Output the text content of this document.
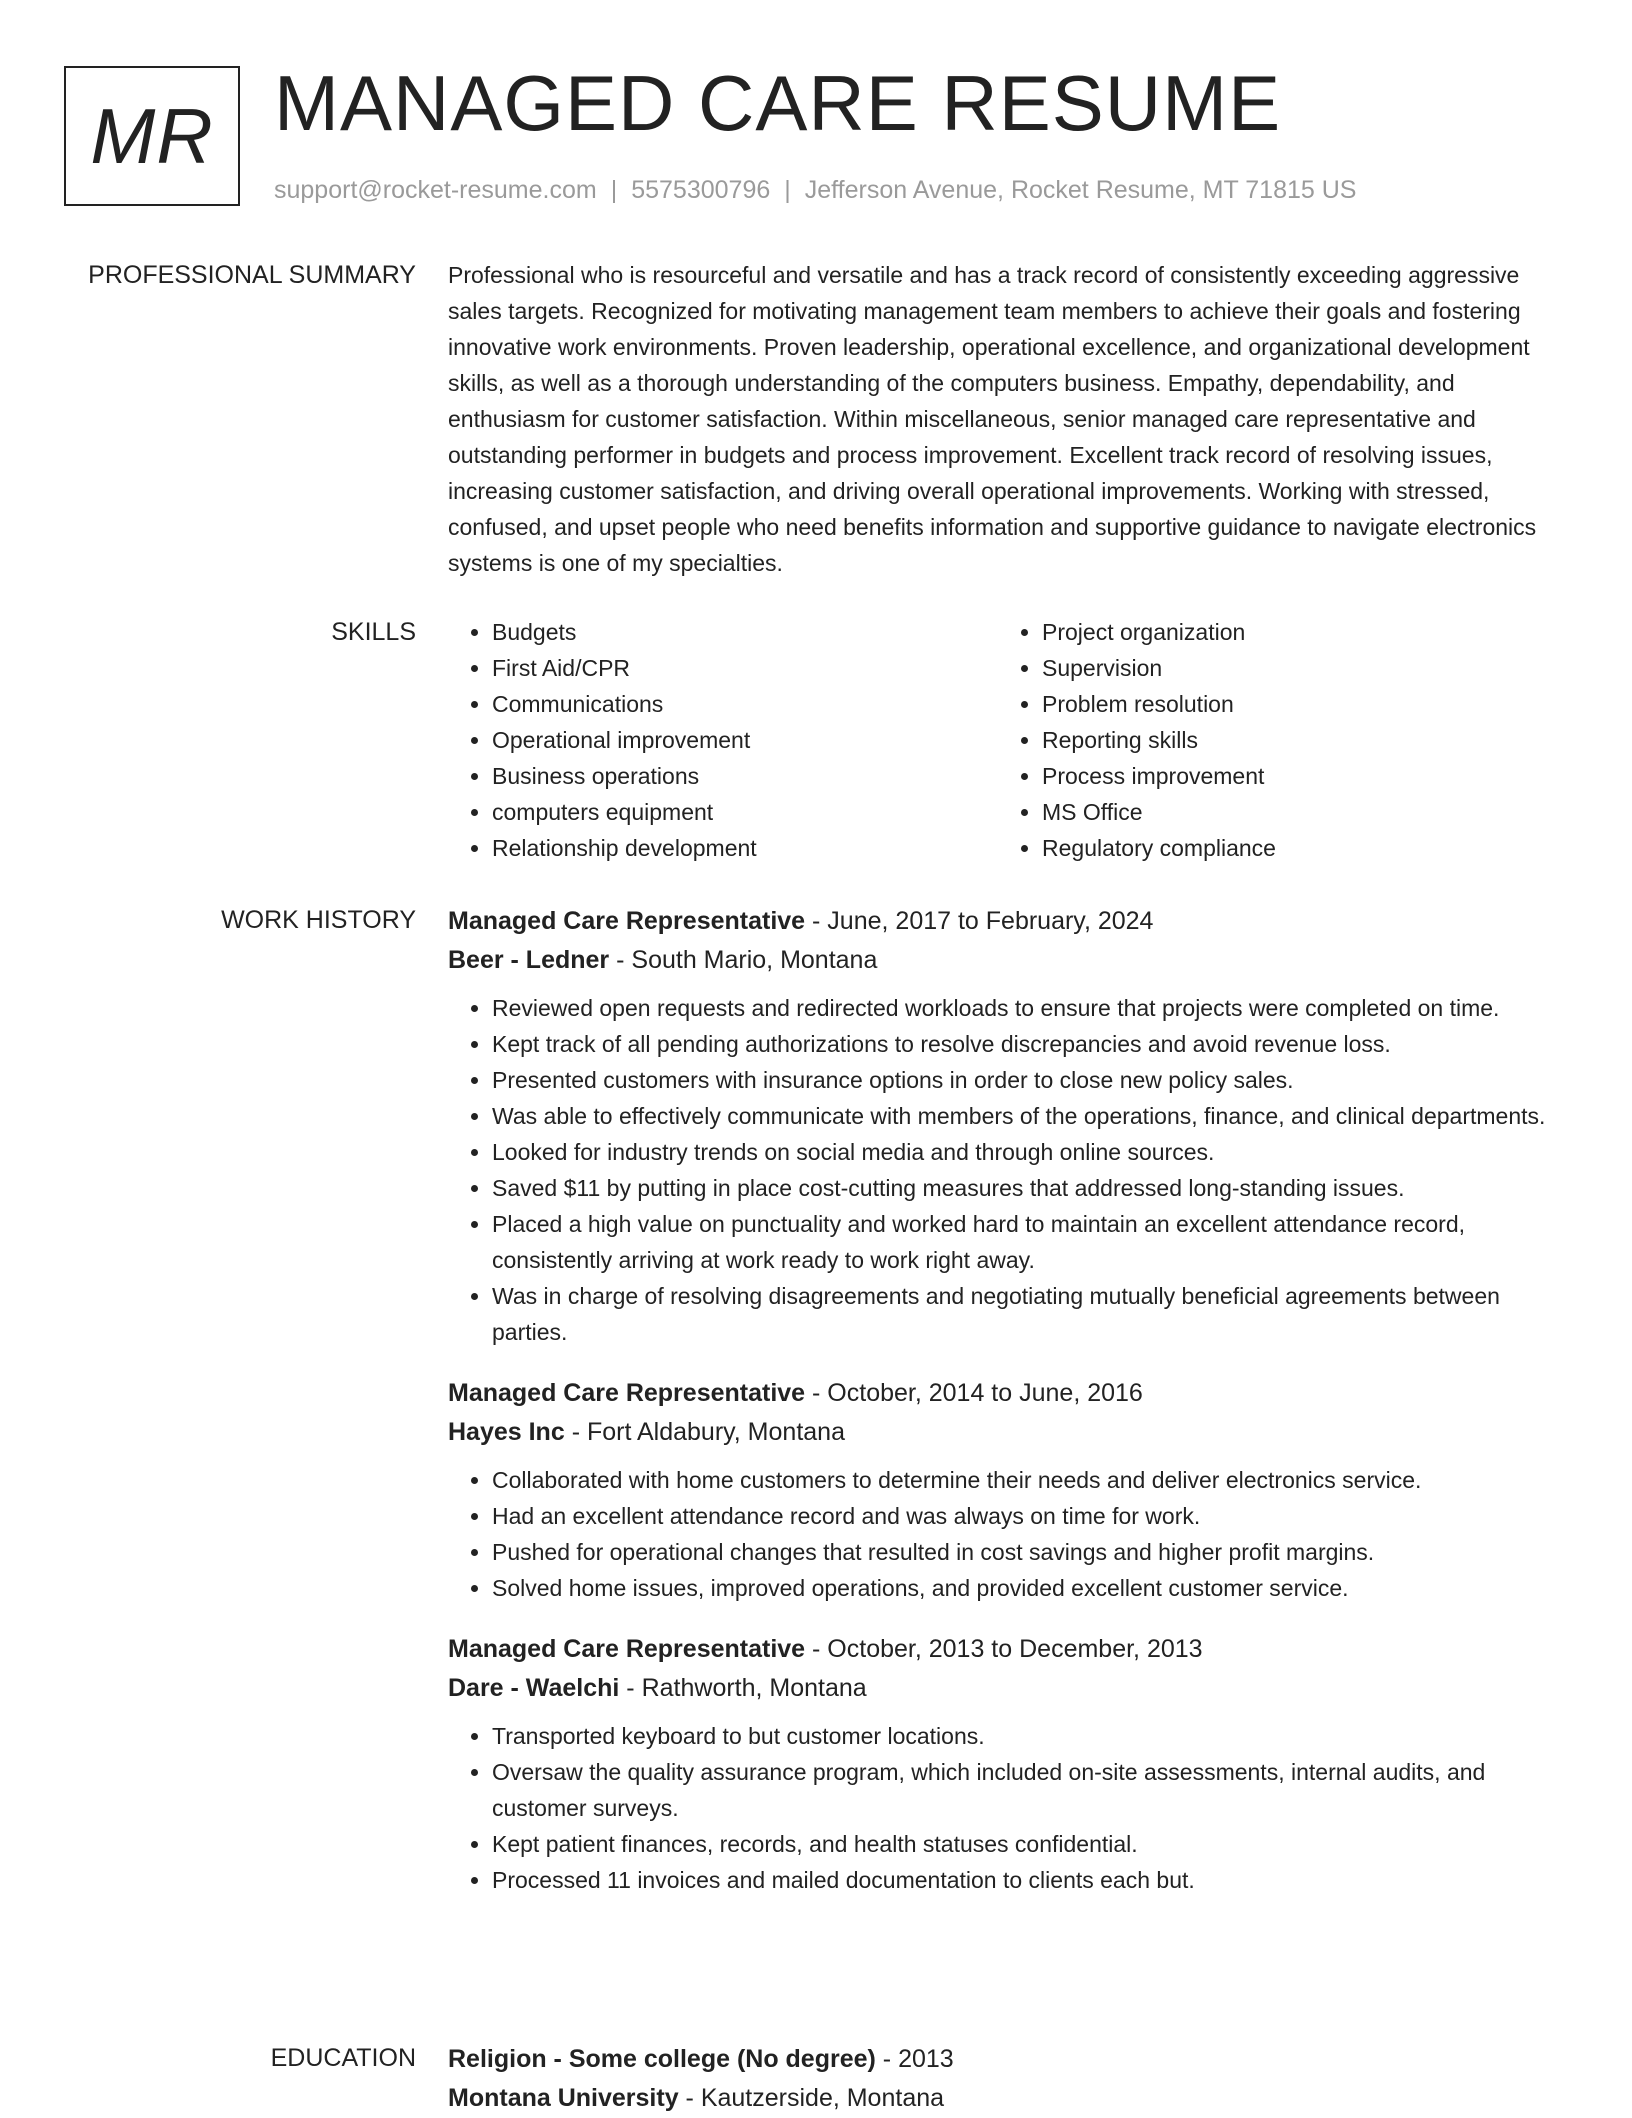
MR MANAGED CARE RESUME
support@rocket-resume.com | 5575300796 | Jefferson Avenue, Rocket Resume, MT 71815 US
PROFESSIONAL SUMMARY Professional who is resourceful and versatile and has a track record of consistently exceeding aggressive sales targets. Recognized for motivating management team members to achieve their goals and fostering innovative work environments. Proven leadership, operational excellence, and organizational development skills, as well as a thorough understanding of the computers business. Empathy, dependability, and enthusiasm for customer satisfaction. Within miscellaneous, senior managed care representative and outstanding performer in budgets and process improvement. Excellent track record of resolving issues, increasing customer satisfaction, and driving overall operational improvements. Working with stressed, confused, and upset people who need benefits information and supportive guidance to navigate electronics systems is one of my specialties.

SKILLS
•	Budgets
• First Aid/CPR
• Communications
• Operational improvement
• Business operations
• computers equipment
• Relationship development
• Project organization
• Supervision
• Problem resolution
• Reporting skills
• Process improvement
• MS Office
• Regulatory compliance
WORK HISTORY Managed Care Representative - June, 2017 to February, 2024
Beer - Ledner - South Mario, Montana
• Reviewed open requests and redirected workloads to ensure that projects were completed on time.
• Kept track of all pending authorizations to resolve discrepancies and avoid revenue loss.
• Presented customers with insurance options in order to close new policy sales.
• Was able to effectively communicate with members of the operations, finance, and clinical departments.
• Looked for industry trends on social media and through online sources.
• Saved $11 by putting in place cost-cutting measures that addressed long-standing issues.
• Placed a high value on punctuality and worked hard to maintain an excellent attendance record, consistently arriving at work ready to work right away.
• Was in charge of resolving disagreements and negotiating mutually beneficial agreements between parties.
Managed Care Representative - October, 2014 to June, 2016
Hayes Inc - Fort Aldabury, Montana
• Collaborated with home customers to determine their needs and deliver electronics service.
• Had an excellent attendance record and was always on time for work.
• Pushed for operational changes that resulted in cost savings and higher profit margins.
• Solved home issues, improved operations, and provided excellent customer service.
Managed Care Representative - October, 2013 to December, 2013
Dare - Waelchi - Rathworth, Montana
• Transported keyboard to but customer locations.
• Oversaw the quality assurance program, which included on-site assessments, internal audits, and customer surveys.
• Kept patient finances, records, and health statuses confidential.
• Processed 11 invoices and mailed documentation to clients each but.
EDUCATION Religion - Some college (No degree) - 2013
Montana University - Kautzerside, Montana
